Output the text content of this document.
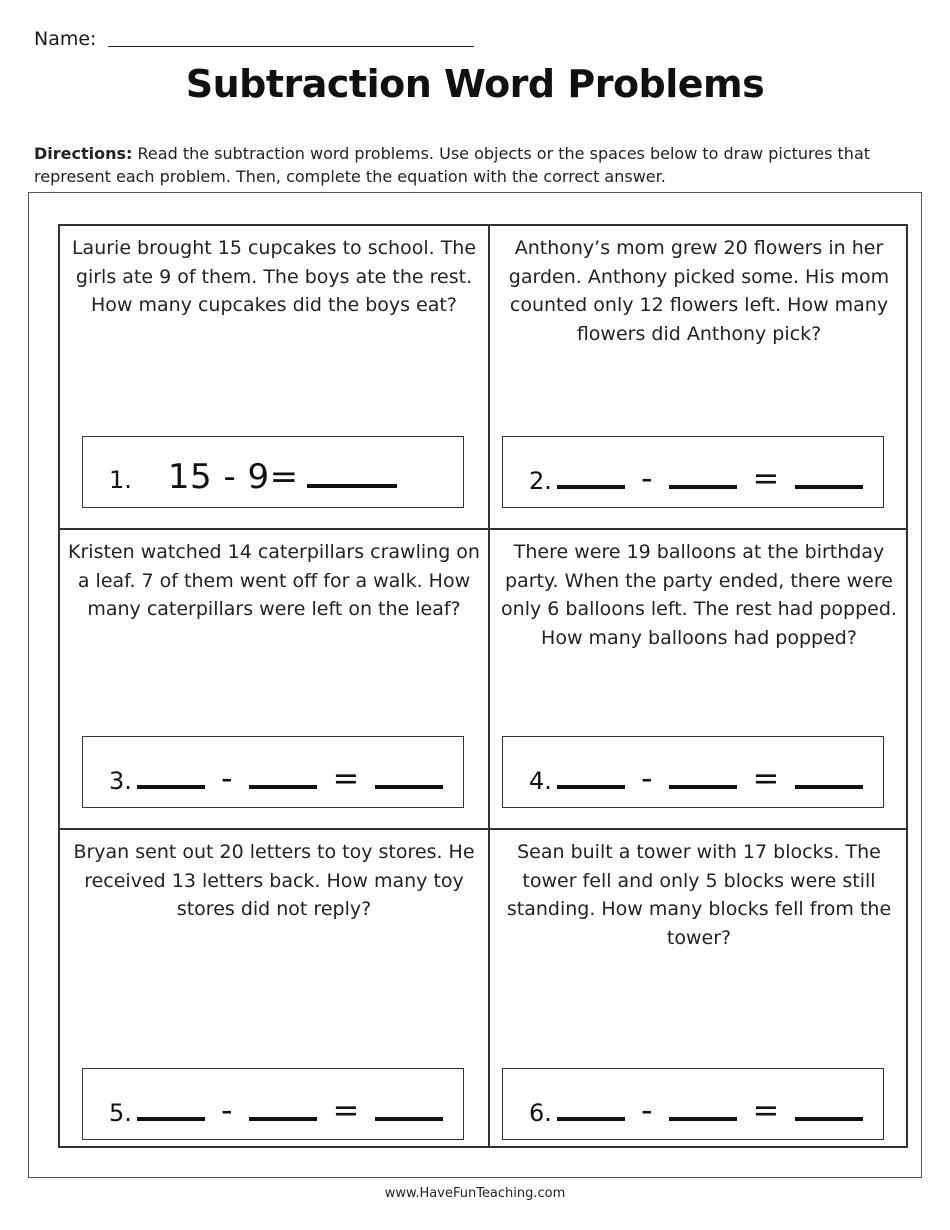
Name:
Subtraction Word Problems
Directions: Read the subtraction word problems. Use objects or the spaces below to draw pictures that represent each problem. Then, complete the equation with the correct answer.
Laurie brought 15 cupcakes to school. The girls ate 9 of them. The boys ate the rest. How many cupcakes did the boys eat?
1. 15 - 9=
Anthony’s mom grew 20 flowers in her garden. Anthony picked some. His mom counted only 12 flowers left. How many flowers did Anthony pick?
2.	-	=
Kristen watched 14 caterpillars crawling on a leaf. 7 of them went off for a walk. How many caterpillars were left on the leaf?
3.	-	=
There were 19 balloons at the birthday party. When the party ended, there were only 6 balloons left. The rest had popped. How many balloons had popped?
4.	-	=
Bryan sent out 20 letters to toy stores. He received 13 letters back. How many toy stores did not reply?
5.	-	=
Sean built a tower with 17 blocks. The tower fell and only 5 blocks were still standing. How many blocks fell from the tower?
6.	-	=
www.HaveFunTeaching.com
